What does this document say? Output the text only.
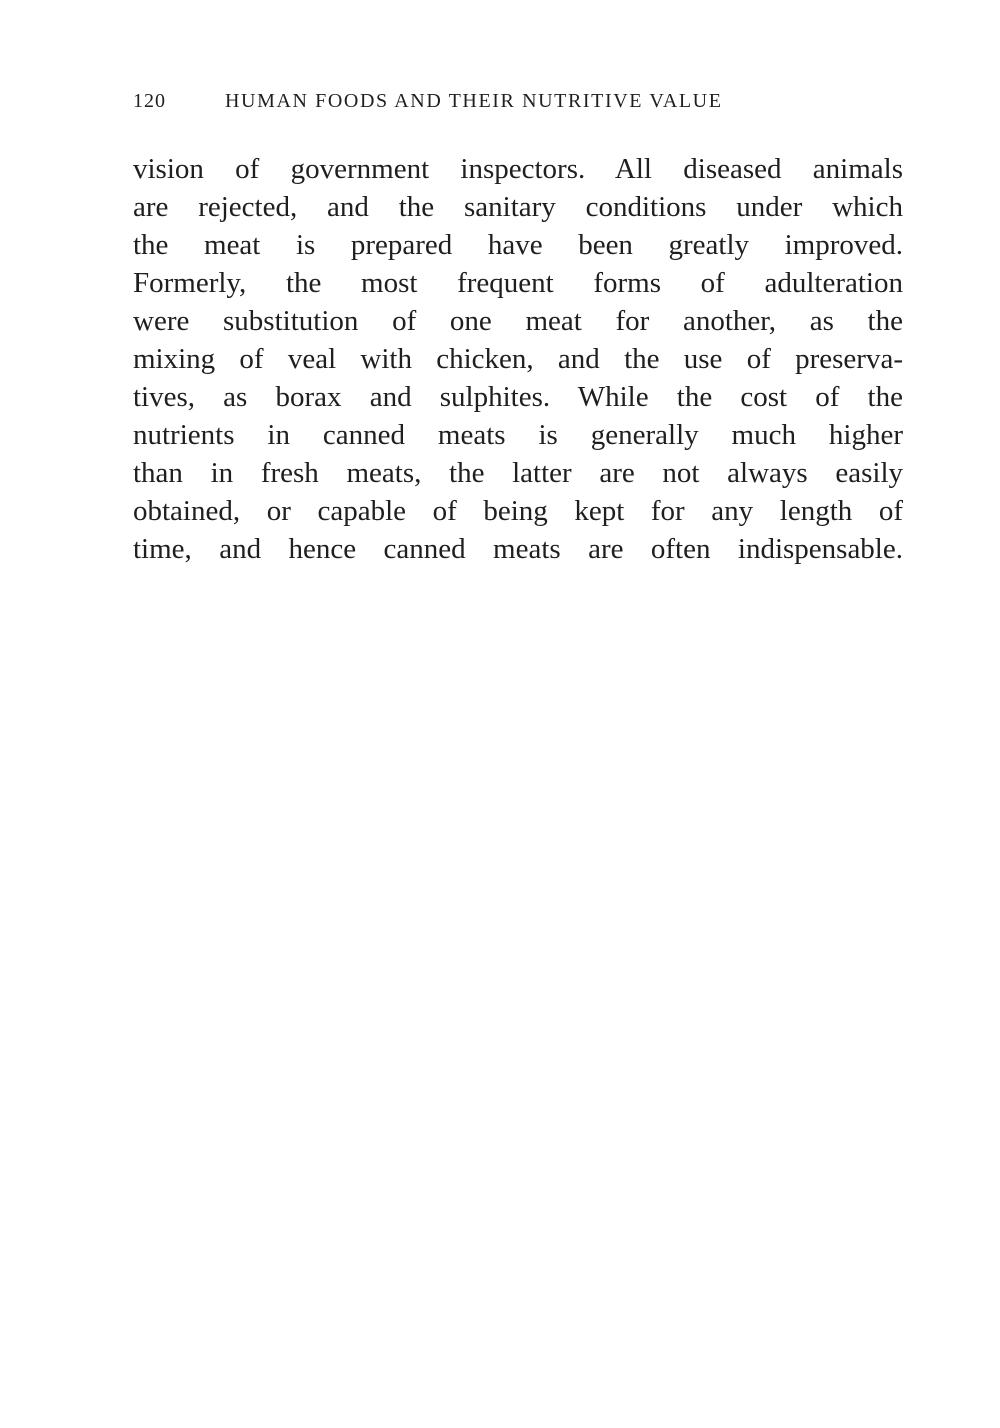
120	HUMAN FOODS AND THEIR NUTRITIVE VALUE
vision of government inspectors. All diseased animals
are rejected, and the sanitary conditions under which
the meat is prepared have been greatly improved.
Formerly, the most frequent forms of adulteration
were substitution of one meat for another, as the
mixing of veal with chicken, and the use of preserva-
tives, as borax and sulphites. While the cost of the
nutrients in canned meats is generally much higher
than in fresh meats, the latter are not always easily
obtained, or capable of being kept for any length of
time, and hence canned meats are often indispensable.
